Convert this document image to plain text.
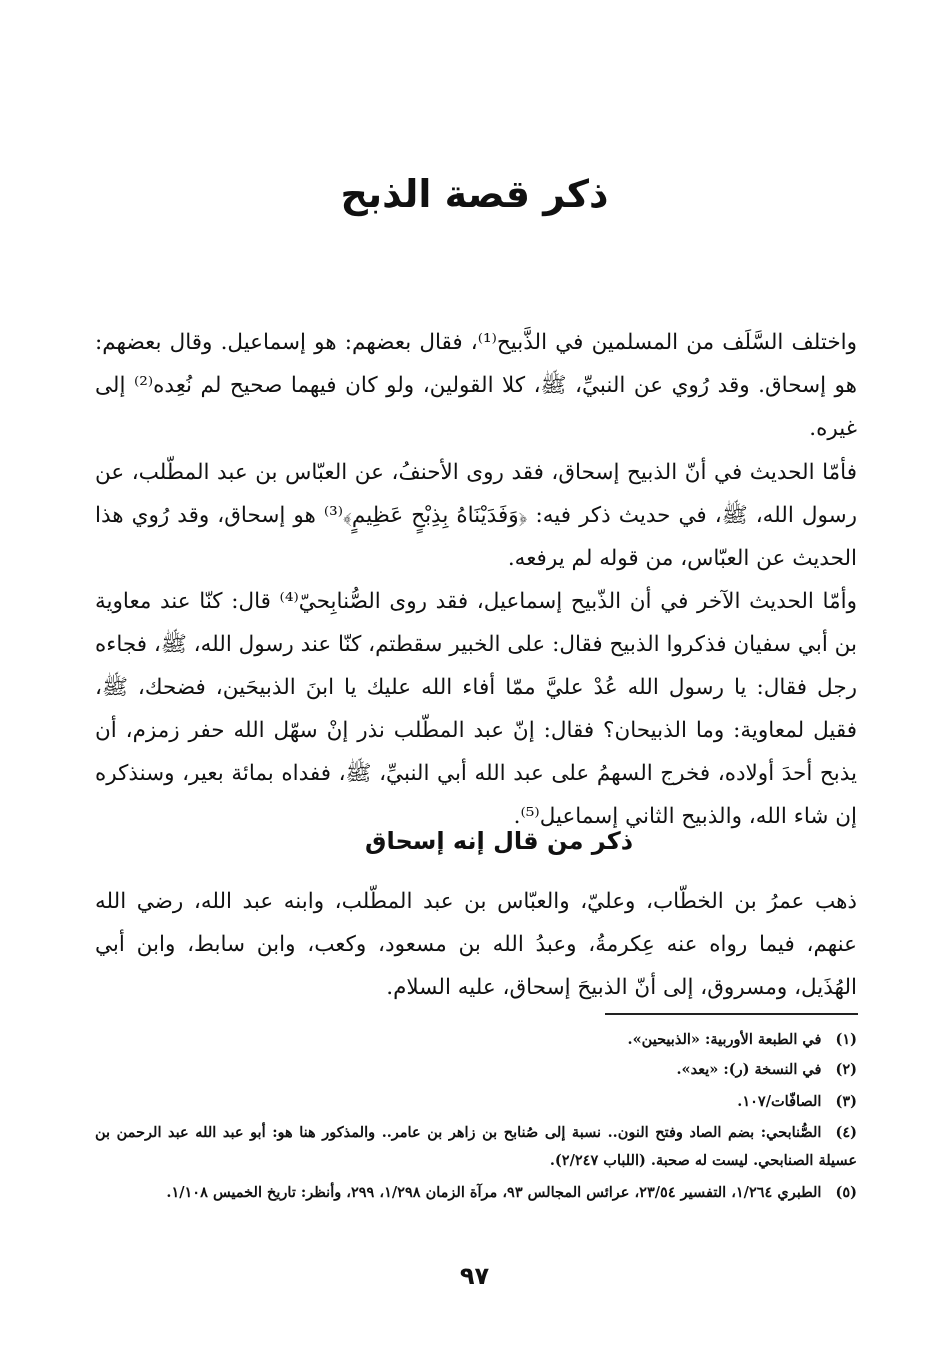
ذكر قصة الذبح
واختلف السَّلَف من المسلمين في الذَّبيح⁽¹⁾، فقال بعضهم: هو إسماعيل. وقال بعضهم: هو إسحاق. وقد رُوي عن النبيِّ، ﷺ، كلا القولين، ولو كان فيهما صحيح لم نُعِده⁽²⁾ إلى غيره.
فأمّا الحديث في أنّ الذبيح إسحاق، فقد روى الأحنفُ، عن العبّاس بن عبد المطّلب، عن رسول الله، ﷺ، في حديث ذكر فيه: ﴿وَفَدَيْنَاهُ بِذِبْحٍ عَظِيمٍ﴾⁽³⁾ هو إسحاق، وقد رُوي هذا الحديث عن العبّاس، من قوله لم يرفعه.
وأمّا الحديث الآخر في أن الذّبيح إسماعيل، فقد روى الصُّنابِحيّ⁽⁴⁾ قال: كنّا عند معاوية بن أبي سفيان فذكروا الذبيح فقال: على الخبير سقطتم، كنّا عند رسول الله، ﷺ، فجاءه رجل فقال: يا رسول الله عُدْ عليَّ ممّا أفاء الله عليك يا ابنَ الذبيحَين، فضحك، ﷺ، فقيل لمعاوية: وما الذبيحان؟ فقال: إنّ عبد المطّلب نذر إنْ سهّل الله حفر زمزم، أن يذبح أحدَ أولاده، فخرج السهمُ على عبد الله أبي النبيِّ، ﷺ، ففداه بمائة بعير، وسنذكره إن شاء الله، والذبيح الثاني إسماعيل⁽⁵⁾.
ذكر من قال إنه إسحاق
ذهب عمرُ بن الخطّاب، وعليّ، والعبّاس بن عبد المطّلب، وابنه عبد الله، رضي الله عنهم، فيما رواه عنه عِكرمةُ، وعبدُ الله بن مسعود، وكعب، وابن سابط، وابن أبي الهُذَيل، ومسروق، إلى أنّ الذبيحَ إسحاق، عليه السلام.
(١)في الطبعة الأوربية: «الذبيحين».
(٢)في النسخة (ر): «يعد».
(٣)الصافّات/١٠٧.
(٤)الصُّنابحي: بضم الصاد وفتح النون.. نسبة إلى صُنابح بن زاهر بن عامر.. والمذكور هنا هو: أبو عبد الله عبد الرحمن بن عسيلة الصنابحي. ليست له صحبة. (اللباب ٢/٢٤٧).
(٥)الطبري ١/٢٦٤، التفسير ٢٣/٥٤، عرائس المجالس ٩٣، مرآة الزمان ١/٢٩٨، ٢٩٩، وأنظر: تاريخ الخميس ١/١٠٨.
٩٧
